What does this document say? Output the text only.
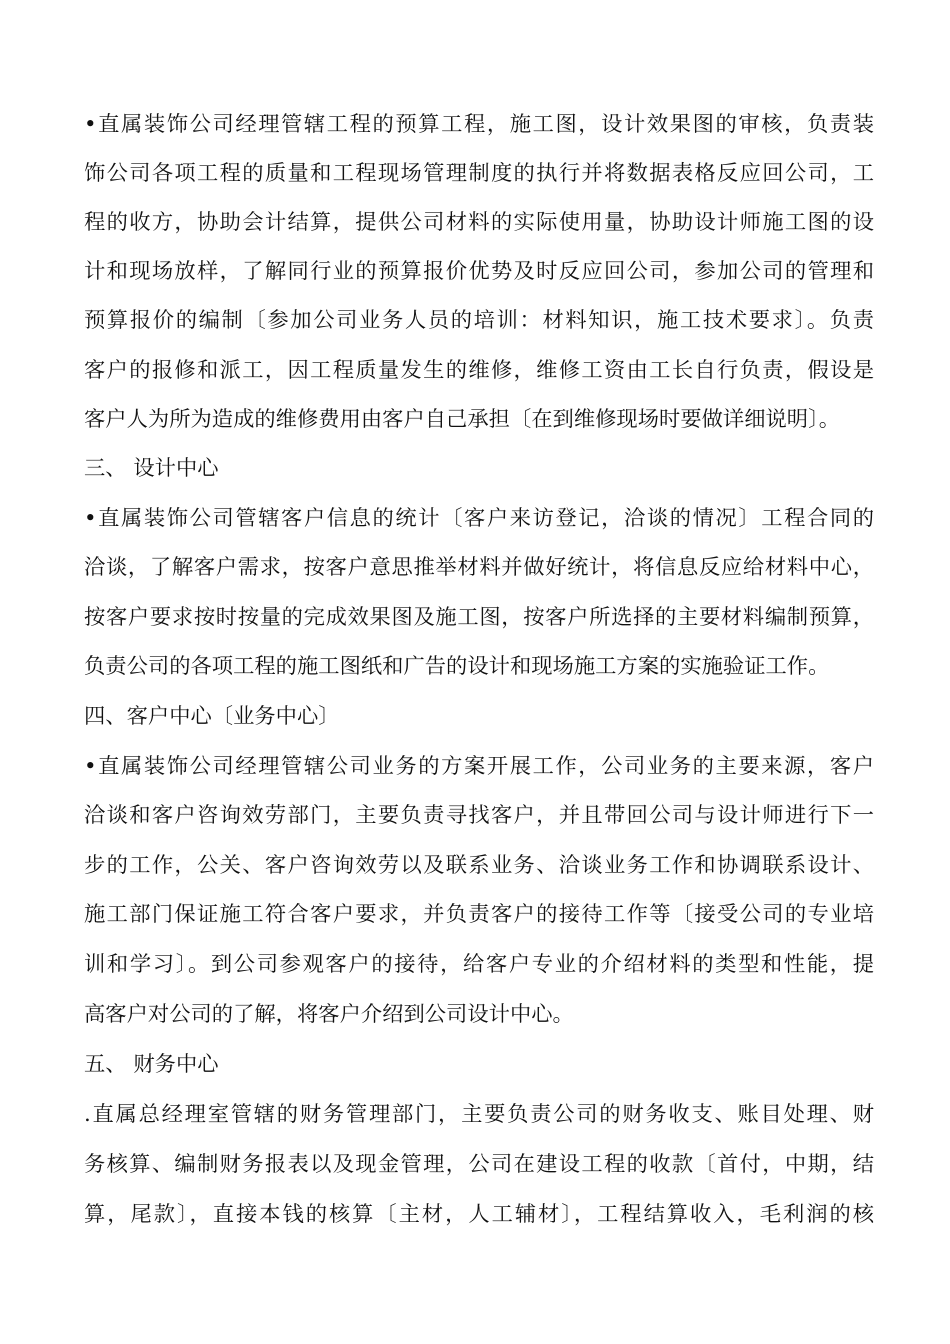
•直属装饰公司经理管辖工程的预算工程，施工图，设计效果图的审核，负责装
饰公司各项工程的质量和工程现场管理制度的执行并将数据表格反应回公司，工
程的收方，协助会计结算，提供公司材料的实际使用量，协助设计师施工图的设
计和现场放样，了解同行业的预算报价优势及时反应回公司，参加公司的管理和
预算报价的编制〔参加公司业务人员的培训：材料知识，施工技术要求〕。负责
客户的报修和派工，因工程质量发生的维修，维修工资由工长自行负责，假设是
客户人为所为造成的维修费用由客户自己承担〔在到维修现场时要做详细说明〕。
三、 设计中心
•直属装饰公司管辖客户信息的统计〔客户来访登记，洽谈的情况〕工程合同的
洽谈，了解客户需求，按客户意思推举材料并做好统计，将信息反应给材料中心，
按客户要求按时按量的完成效果图及施工图，按客户所选择的主要材料编制预算，
负责公司的各项工程的施工图纸和广告的设计和现场施工方案的实施验证工作。
四、客户中心〔业务中心〕
•直属装饰公司经理管辖公司业务的方案开展工作，公司业务的主要来源，客户
洽谈和客户咨询效劳部门，主要负责寻找客户，并且带回公司与设计师进行下一
步的工作，公关、客户咨询效劳以及联系业务、洽谈业务工作和协调联系设计、
施工部门保证施工符合客户要求，并负责客户的接待工作等〔接受公司的专业培
训和学习〕。到公司参观客户的接待，给客户专业的介绍材料的类型和性能，提
高客户对公司的了解，将客户介绍到公司设计中心。
五、 财务中心
.直属总经理室管辖的财务管理部门，主要负责公司的财务收支、账目处理、财
务核算、编制财务报表以及现金管理，公司在建设工程的收款〔首付，中期，结
算，尾款〕，直接本钱的核算〔主材，人工辅材〕，工程结算收入，毛利润的核
